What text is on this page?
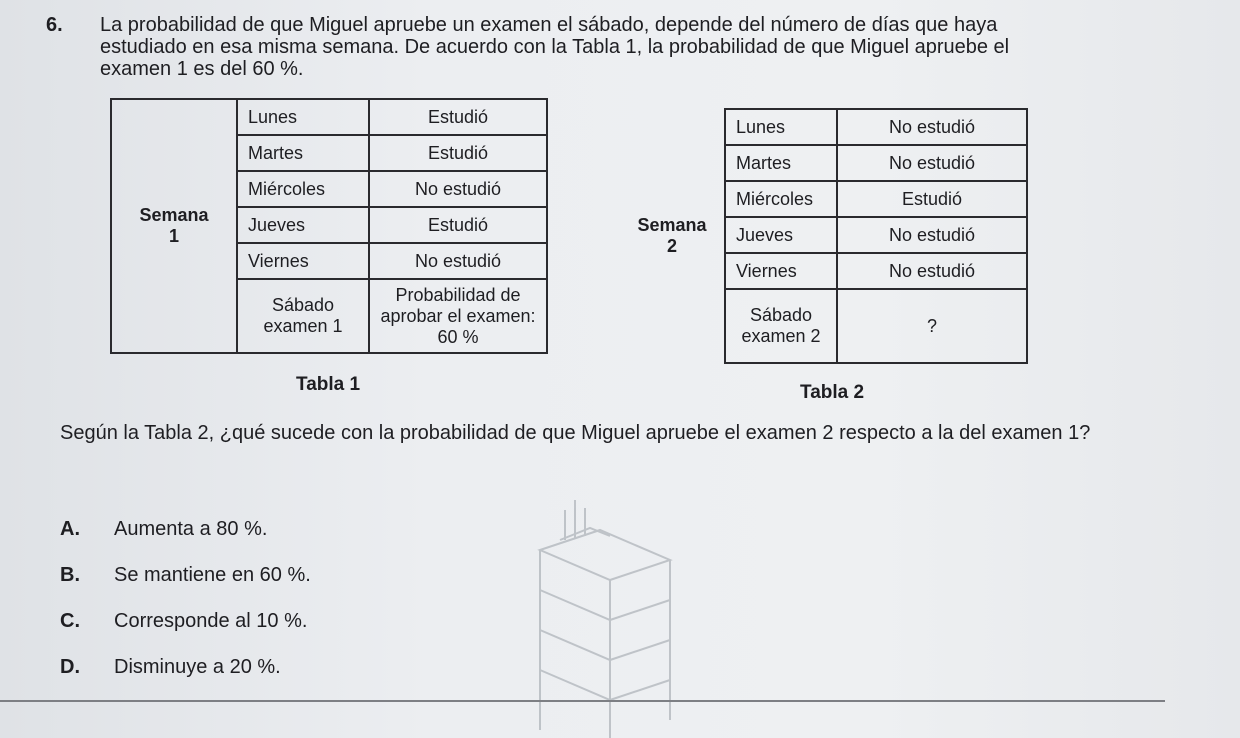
6. La probabilidad de que Miguel apruebe un examen el sábado, depende del número de días que haya estudiado en esa misma semana. De acuerdo con la Tabla 1, la probabilidad de que Miguel apruebe el examen 1 es del 60 %.
Semana
1	Lunes	Estudió
	Martes	Estudió
	Miércoles	No estudió
	Jueves	Estudió
	Viernes	No estudió
	Sábado examen 1	Probabilidad de aprobar el examen: 60 %
Tabla 1
Semana
2	Lunes	No estudió
	Martes	No estudió
	Miércoles	Estudió
	Jueves	No estudió
	Viernes	No estudió
	Sábado examen 2	?
Tabla 2
Según la Tabla 2, ¿qué sucede con la probabilidad de que Miguel apruebe el examen 2 respecto a la del examen 1?
A.	Aumenta a 80 %.
B.	Se mantiene en 60 %.
C.	Corresponde al 10 %.
D.	Disminuye a 20 %.
